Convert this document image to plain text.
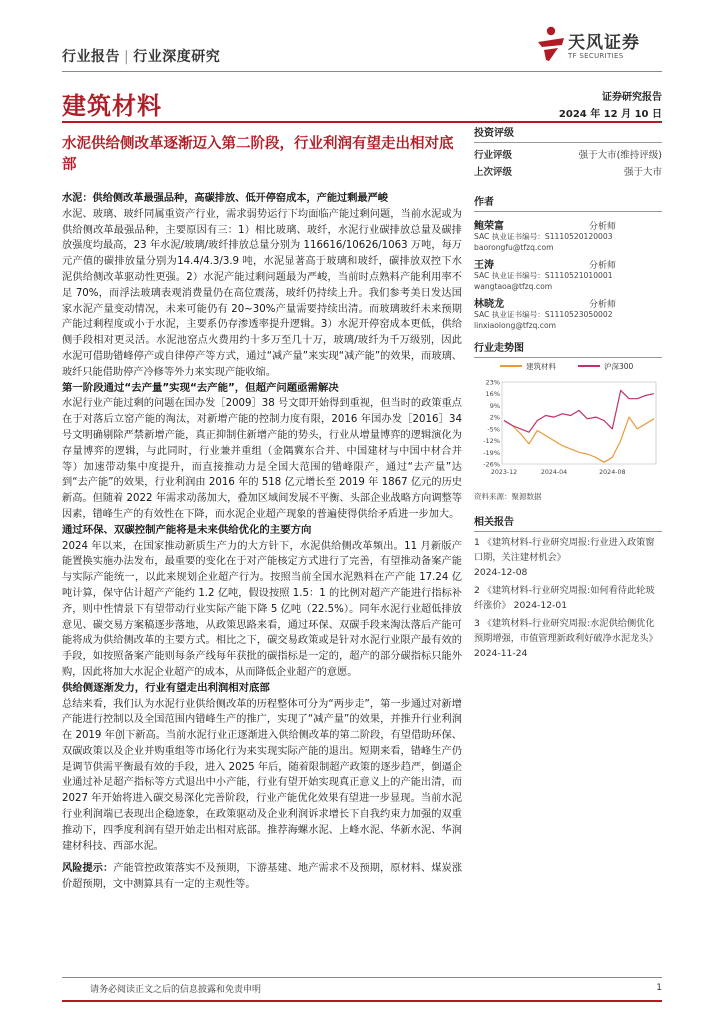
行业报告 | 行业深度研究
天风证券
TF SECURITIES
建筑材料	证券研究报告
2024 年 12 月 10 日
水泥供给侧改革逐渐迈入第二阶段，行业利润有望走出相对底部

水泥：供给侧改革最强品种，高碳排放、低开停窑成本，产能过剩最严峻
水泥、玻璃、玻纤同属重资产行业，需求弱势运行下均面临产能过剩问题，当前水泥或为供给侧改革最强品种，主要原因有三：1）相比玻璃、玻纤，水泥行业碳排放总量及碳排放强度均最高，23 年水泥/玻璃/玻纤排放总量分别为 116616/10626/1063 万吨，每万元产值的碳排放量分别为14.4/4.3/3.9 吨，水泥显著高于玻璃和玻纤，碳排放双控下水泥供给侧改革驱动性更强。2）水泥产能过剩问题最为严峻，当前时点熟料产能利用率不足 70%，而浮法玻璃表观消费量仍在高位震荡，玻纤仍持续上升。我们参考美日发达国家水泥产量变动情况，未来可能仍有 20~30%产量需要持续出清。而玻璃玻纤未来预期产能过剩程度或小于水泥，主要系仍存渗透率提升逻辑。3）水泥开停窑成本更低，供给侧手段相对更灵活。水泥池窑点火费用约十多万至几十万，玻璃/玻纤为千万级别，因此水泥可借助错峰停产或自律停产等方式，通过“减产量”来实现“减产能”的效果，而玻璃、玻纤只能借助停产冷修等外力来实现产能收缩。

第一阶段通过“去产量”实现“去产能”，但超产问题亟需解决

水泥行业产能过剩的问题在国办发［2009］38 号文即开始得到重视，但当时的政策重点在于对落后立窑产能的淘汰，对新增产能的控制力度有限，2016 年国办发［2016］34 号文明确剔除严禁新增产能，真正抑制住新增产能的势头，行业从增量博弈的逻辑演化为存量博弈的逻辑，与此同时，行业兼并重组（金隅冀东合并、中国建材与中国中材合并等）加速带动集中度提升，而直接推动力是全国大范围的错峰限产，通过“去产量”达到“去产能”的效果，行业利润由 2016 年的 518 亿元增长至 2019 年 1867 亿元的历史新高。但随着 2022 年需求动荡加大，叠加区域间发展不平衡、头部企业战略方向调整等因素，错峰生产的有效性在下降，而水泥企业超产现象的普遍使得供给矛盾进一步加大。

通过环保、双碳控制产能将是未来供给优化的主要方向

2024 年以来，在国家推动新质生产力的大方针下，水泥供给侧改革频出。11 月新版产能置换实施办法发布，最重要的变化在于对产能核定方式进行了完善，有望推动备案产能与实际产能统一，以此来规划企业超产行为。按照当前全国水泥熟料在产产能 17.24 亿吨计算，保守估计超产产能约 1.2 亿吨，假设按照 1.5：1 的比例对超产产能进行指标补齐，则中性情景下有望带动行业实际产能下降 5 亿吨（22.5%）。同年水泥行业超低排放意见、碳交易方案稿逐步落地，从政策思路来看，通过环保、双碳手段来淘汰落后产能可能将成为供给侧改革的主要方式。相比之下，碳交易政策或是针对水泥行业限产最有效的手段，如按照备案产能则每条产线每年获批的碳指标是一定的，超产的部分碳指标只能外购，因此将加大水泥企业超产的成本，从而降低企业超产的意愿。

供给侧逐渐发力，行业有望走出利润相对底部

总结来看，我们认为水泥行业供给侧改革的历程整体可分为“两步走”，第一步通过对新增产能进行控制以及全国范围内错峰生产的推广，实现了“减产量”的效果，并推升行业利润在 2019 年创下新高。当前水泥行业正逐渐进入供给侧改革的第二阶段，有望借助环保、双碳政策以及企业并购重组等市场化行为来实现实际产能的退出。短期来看，错峰生产仍是调节供需平衡最有效的手段，进入 2025 年后，随着限制超产政策的逐步趋严，倒逼企业通过补足超产指标等方式退出中小产能，行业有望开始实现真正意义上的产能出清，而 2027 年开始将进入碳交易深化完善阶段，行业产能优化效果有望进一步显现。当前水泥行业利润端已表现出企稳迹象，在政策驱动及企业利润诉求增长下自我约束力加强的双重推动下，四季度利润有望开始走出相对底部。推荐海螺水泥、上峰水泥、华新水泥、华润建材科技、西部水泥。

风险提示：产能管控政策落实不及预期，下游基建、地产需求不及预期，原材料、煤炭涨价超预期，文中测算具有一定的主观性等。

投资评级
行业评级	强于大市(维持评级)
上次评级	强于大市
作者
鲍荣富	分析师
SAC 执业证书编号：S1110520120003
baorongfu@tfzq.com
王涛	分析师
SAC 执业证书编号：S1110521010001
wangtaoa@tfzq.com
林晓龙	分析师
SAC 执业证书编号：S1110523050002
linxiaolong@tfzq.com
行业走势图
建筑材料	沪深300
23%
16%
9%
2%
-5%
-12%
-19%
-26%
2023-12	2024-04	2024-08
资料来源：聚源数据
相关报告
1 《建筑材料-行业研究周报:行业进入政策窗口期，关注建材机会》
2024-12-08
2 《建筑材料-行业研究周报:如何看待此轮玻纤涨价》 2024-12-01
3 《建筑材料-行业研究周报:水泥供给侧优化预期增强，市值管理新政利好破净水泥龙头》 2024-11-24
请务必阅读正文之后的信息披露和免责申明	1
